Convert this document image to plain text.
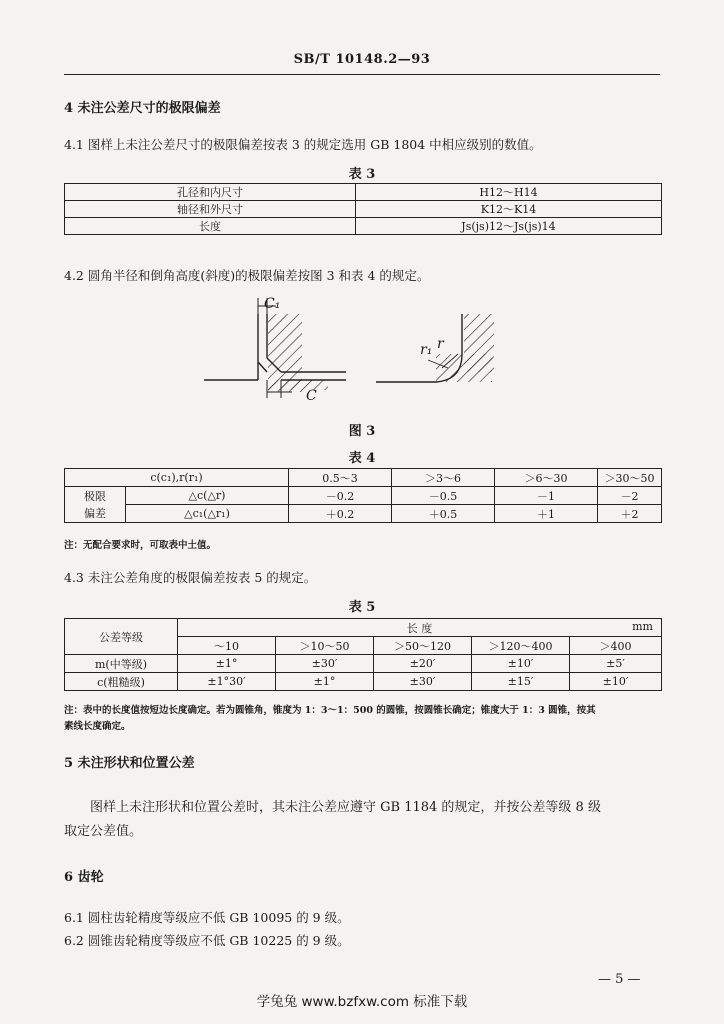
SB/T 10148.2—93
4 未注公差尺寸的极限偏差
4.1 图样上未注公差尺寸的极限偏差按表 3 的规定选用 GB 1804 中相应级别的数值。
表 3
孔径和内尺寸	H12～H14
轴径和外尺寸	K12～K14
长度	Js(js)12～Js(js)14
4.2 圆角半径和倒角高度(斜度)的极限偏差按图 3 和表 4 的规定。
C₁
C
r₁ r
图 3
表 4
c(c₁),r(r₁)		0.5～3	＞3～6	＞6～30	＞30～50
极限	△c(△r)	－0.2	－0.5	－1	－2
偏差	△c₁(△r₁)	＋0.2	＋0.5	＋1	＋2
注：无配合要求时，可取表中土值。
4.3 未注公差角度的极限偏差按表 5 的规定。
表 5
公差等级	长 度 mm				

	～10	＞10～50	＞50～120	＞120～400	＞400
m(中等级)	±1°	±30′	±20′	±10′	±5′
c(粗糙级)	±1°30′	±1°	±30′	±15′	±10′
注：表中的长度值按短边长度确定。若为圆锥角，锥度为 1：3～1：500 的圆锥，按圆锥长确定；锥度大于 1：3 圆锥，按其
素线长度确定。
5 未注形状和位置公差
图样上未注形状和位置公差时，其未注公差应遵守 GB 1184 的规定，并按公差等级 8 级
取定公差值。
6 齿轮
6.1 圆柱齿轮精度等级应不低 GB 10095 的 9 级。
6.2 圆锥齿轮精度等级应不低 GB 10225 的 9 级。
— 5 —
学兔兔 www.bzfxw.com 标准下载
